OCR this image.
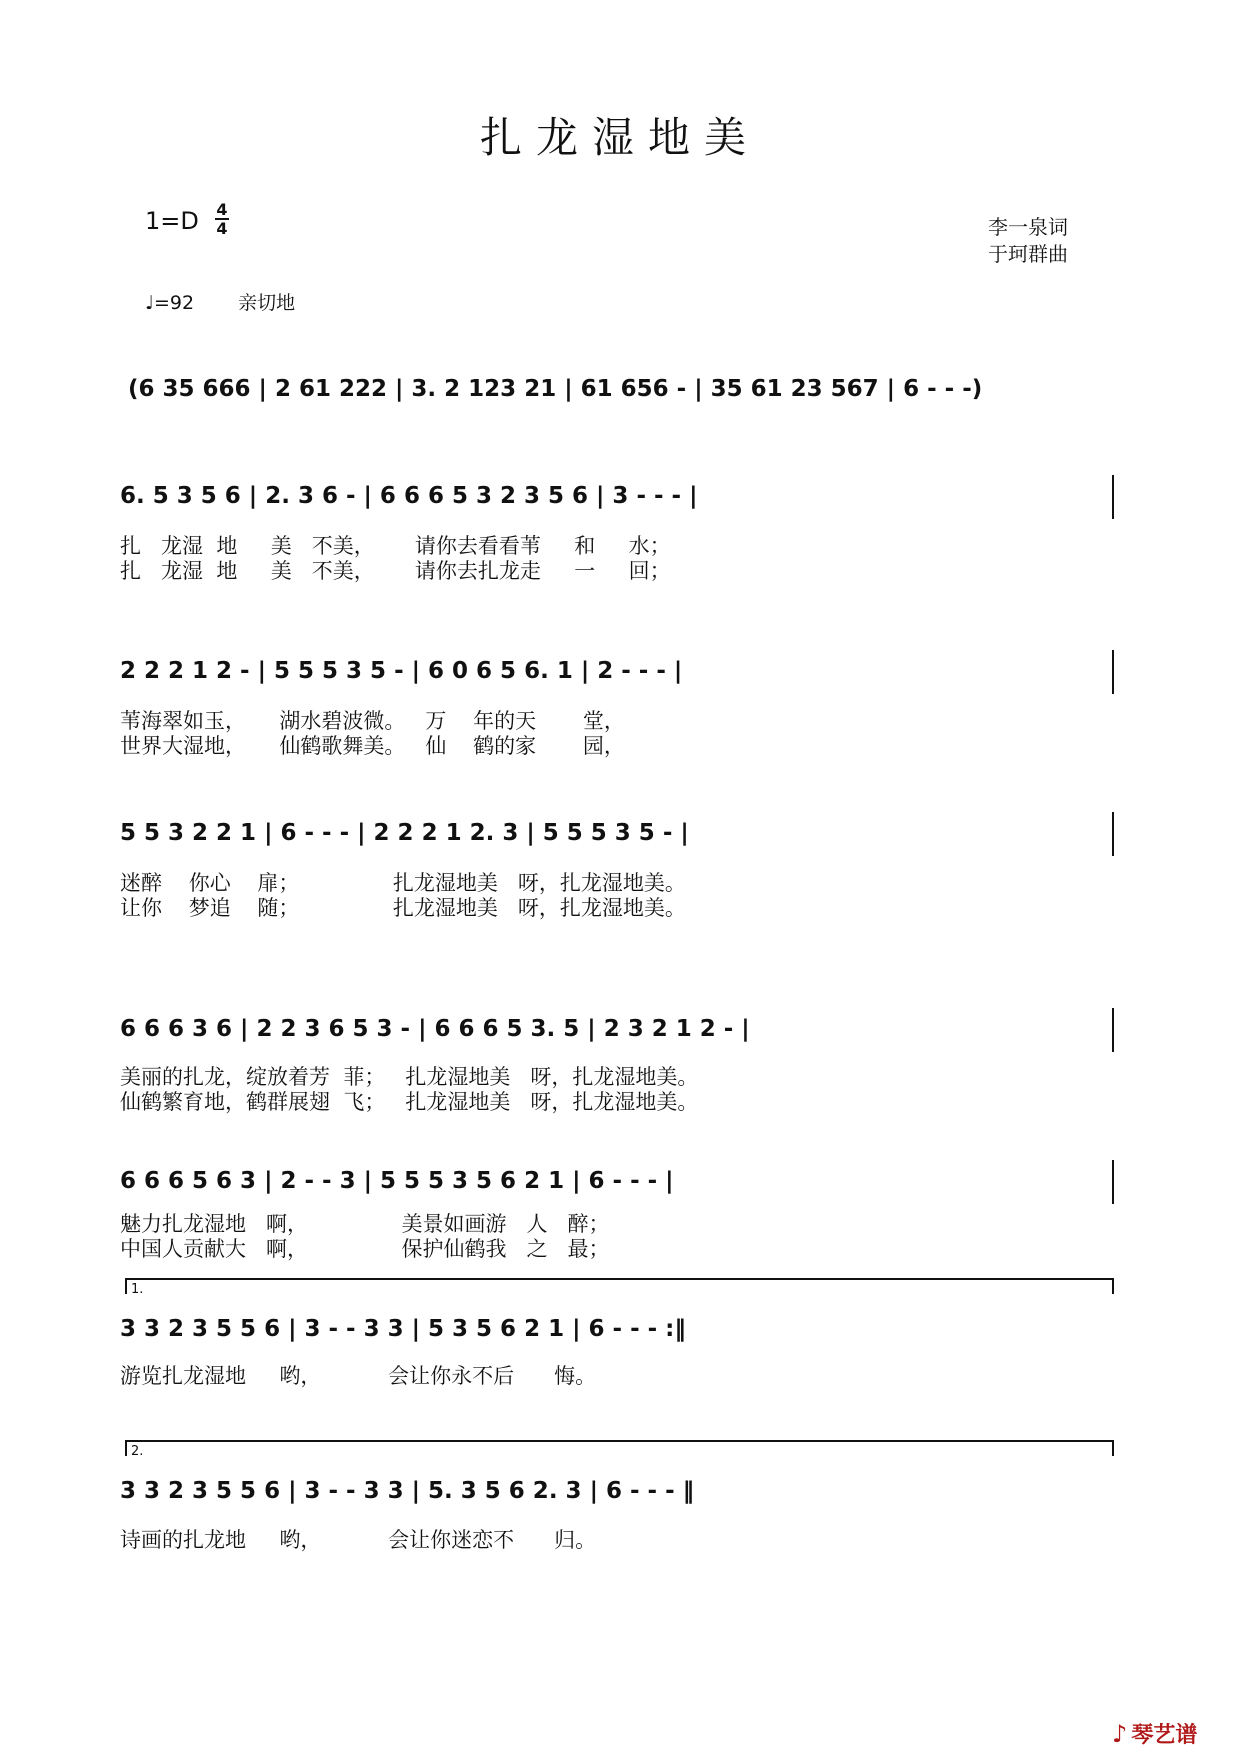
扎龙湿地美
1=D 4
4	李一泉词
于珂群曲
♩=92 亲切地
(6 35 666 | 2 61 222 | 3. 2 123 21 | 61 656 - | 35 61 23 567 | 6 - - -)
6. 5 3 5 6 | 2. 3 6 - | 6 6 6 5 3 2 3 5 6 | 3 - - - |
扎   龙湿  地     美   不美，      请你去看看苇     和     水；
扎   龙湿  地     美   不美，      请你去扎龙走     一     回；
2 2 2 1 2 - | 5 5 5 3 5 - | 6 0 6 5 6. 1 | 2 - - - |
苇海翠如玉，     湖水碧波微。   万    年的天       堂，
世界大湿地，     仙鹤歌舞美。   仙    鹤的家       园，
5 5 3 2 2 1 | 6 - - - | 2 2 2 1 2. 3 | 5 5 5 3 5 - |
迷醉    你心    扉；              扎龙湿地美   呀，扎龙湿地美。
让你    梦追    随；              扎龙湿地美   呀，扎龙湿地美。
6 6 6 3 6 | 2 2 3 6 5 3 - | 6 6 6 5 3. 5 | 2 3 2 1 2 - |
美丽的扎龙，绽放着芳  菲；   扎龙湿地美   呀，扎龙湿地美。
仙鹤繁育地，鹤群展翅  飞；   扎龙湿地美   呀，扎龙湿地美。
6 6 6 5 6 3 | 2 - - 3 | 5 5 5 3 5 6 2 1 | 6 - - - |
魅力扎龙湿地   啊，              美景如画游   人   醉；
中国人贡献大   啊，              保护仙鹤我   之   最；
1.
3 3 2 3 5 5 6 | 3 - - 3 3 | 5 3 5 6 2 1 | 6 - - - :‖
游览扎龙湿地     哟，          会让你永不后      悔。
2.
3 3 2 3 5 5 6 | 3 - - 3 3 | 5. 3 5 6 2. 3 | 6 - - - ‖
诗画的扎龙地     哟，          会让你迷恋不      归。
♪ 琴艺谱
